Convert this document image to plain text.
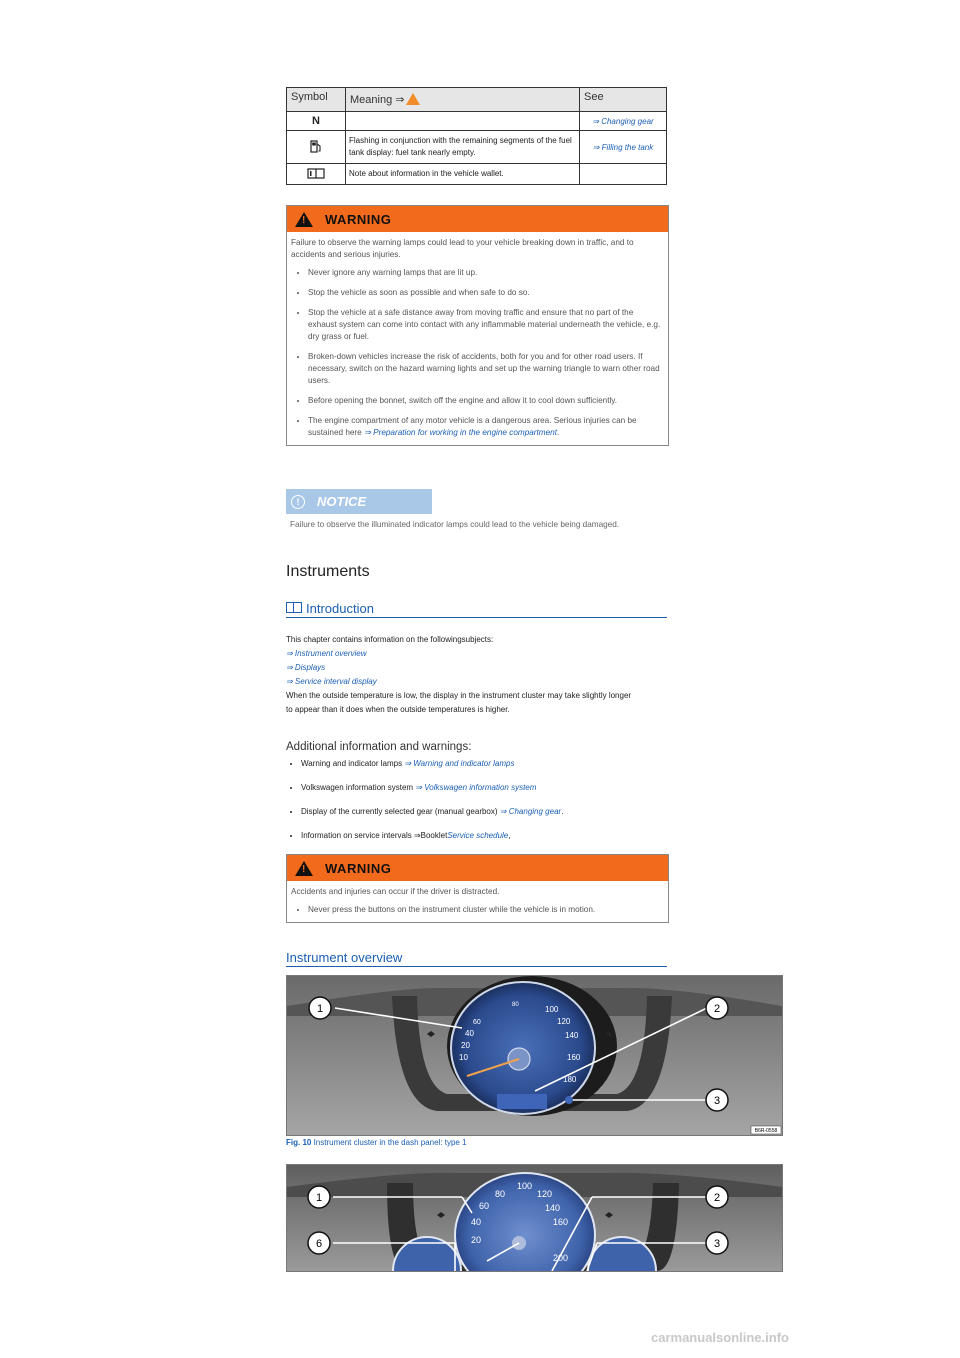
Symbol	Meaning ⇒	See
N		⇒ Changing gear
	Flashing in conjunction with the remaining segments of the fuel tank display: fuel tank nearly empty.	⇒ Filling the tank
	Note about information in the vehicle wallet.	
!
WARNING

Failure to observe the warning lamps could lead to your vehicle breaking down in traffic, and to accidents and serious injuries.

• Never ignore any warning lamps that are lit up.
• Stop the vehicle as soon as possible and when safe to do so.
• Stop the vehicle at a safe distance away from moving traffic and ensure that no part of the exhaust system can come into contact with any inflammable material underneath the vehicle, e.g. dry grass or fuel.
• Broken-down vehicles increase the risk of accidents, both for you and for other road users. If necessary, switch on the hazard warning lights and set up the warning triangle to warn other road users.
• Before opening the bonnet, switch off the engine and allow it to cool down sufficiently.
• The engine compartment of any motor vehicle is a dangerous area. Serious injuries can be sustained here ⇒ Preparation for working in the engine compartment.
!	NOTICE
Failure to observe the illuminated indicator lamps could lead to the vehicle being damaged.
Instruments
Introduction
This chapter contains information on the followingsubjects:
⇒ Instrument overview
⇒ Displays
⇒ Service interval display
When the outside temperature is low, the display in the instrument cluster may take slightly longer
to appear than it does when the outside temperatures is higher.
Additional information and warnings:
• Warning and indicator lamps ⇒ Warning and indicator lamps
• Volkswagen information system ⇒ Volkswagen information system
• Display of the currently selected gear (manual gearbox) ⇒ Changing gear.
• Information on service intervals ⇒BookletService schedule,
!
WARNING

Accidents and injuries can occur if the driver is distracted.

• Never press the buttons on the instrument cluster while the vehicle is in motion.
Instrument overview
40
20
10
60
80	100
120
140
160
180
1	2
3
B6R-0558
Fig. 10 Instrument cluster in the dash panel: type 1
80
100
120
140
160
60
40
20
200
1	2
6	3
carmanualsonline.info
